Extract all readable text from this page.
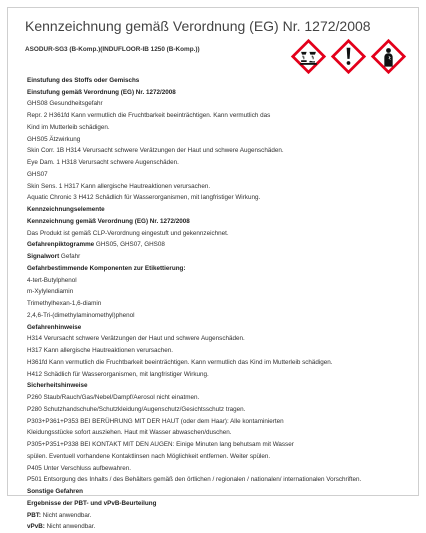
Kennzeichnung gemäß Verordnung (EG) Nr. 1272/2008
ASODUR-SG3 (B-Komp.)(INDUFLOOR-IB 1250 (B-Komp.))
Einstufung des Stoffs oder Gemischs
Einstufung gemäß Verordnung (EG) Nr. 1272/2008
GHS08 Gesundheitsgefahr
Repr. 2 H361fd Kann vermutlich die Fruchtbarkeit beeinträchtigen. Kann vermutlich das
Kind im Mutterleib schädigen.
GHS05 Ätzwirkung
Skin Corr. 1B H314 Verursacht schwere Verätzungen der Haut und schwere Augenschäden.
Eye Dam. 1 H318 Verursacht schwere Augenschäden.
GHS07
Skin Sens. 1 H317 Kann allergische Hautreaktionen verursachen.
Aquatic Chronic 3 H412 Schädlich für Wasserorganismen, mit langfristiger Wirkung.
Kennzeichnungselemente
Kennzeichnung gemäß Verordnung (EG) Nr. 1272/2008
Das Produkt ist gemäß CLP-Verordnung eingestuft und gekennzeichnet.
Gefahrenpiktogramme GHS05, GHS07, GHS08
Signalwort Gefahr
Gefahrbestimmende Komponenten zur Etikettierung:
4-tert-Butylphenol
m-Xylylendiamin
Trimethylhexan-1,6-diamin
2,4,6-Tri-(dimethylaminomethyl)phenol
Gefahrenhinweise
H314 Verursacht schwere Verätzungen der Haut und schwere Augenschäden.
H317 Kann allergische Hautreaktionen verursachen.
H361fd Kann vermutlich die Fruchtbarkeit beeinträchtigen. Kann vermutlich das Kind im Mutterleib schädigen.
H412 Schädlich für Wasserorganismen, mit langfristiger Wirkung.
Sicherheitshinweise
P260 Staub/Rauch/Gas/Nebel/Dampf/Aerosol nicht einatmen.
P280 Schutzhandschuhe/Schutzkleidung/Augenschutz/Gesichtsschutz tragen.
P303+P361+P353 BEI BERÜHRUNG MIT DER HAUT (oder dem Haar): Alle kontaminierten
Kleidungsstücke sofort ausziehen. Haut mit Wasser abwaschen/duschen.
P305+P351+P338 BEI KONTAKT MIT DEN AUGEN: Einige Minuten lang behutsam mit Wasser
spülen. Eventuell vorhandene Kontaktlinsen nach Möglichkeit entfernen. Weiter spülen.
P405 Unter Verschluss aufbewahren.
P501 Entsorgung des Inhalts / des Behälters gemäß den örtlichen / regionalen / nationalen/ internationalen Vorschriften.
Sonstige Gefahren
Ergebnisse der PBT- und vPvB-Beurteilung
PBT: Nicht anwendbar.
vPvB: Nicht anwendbar.
